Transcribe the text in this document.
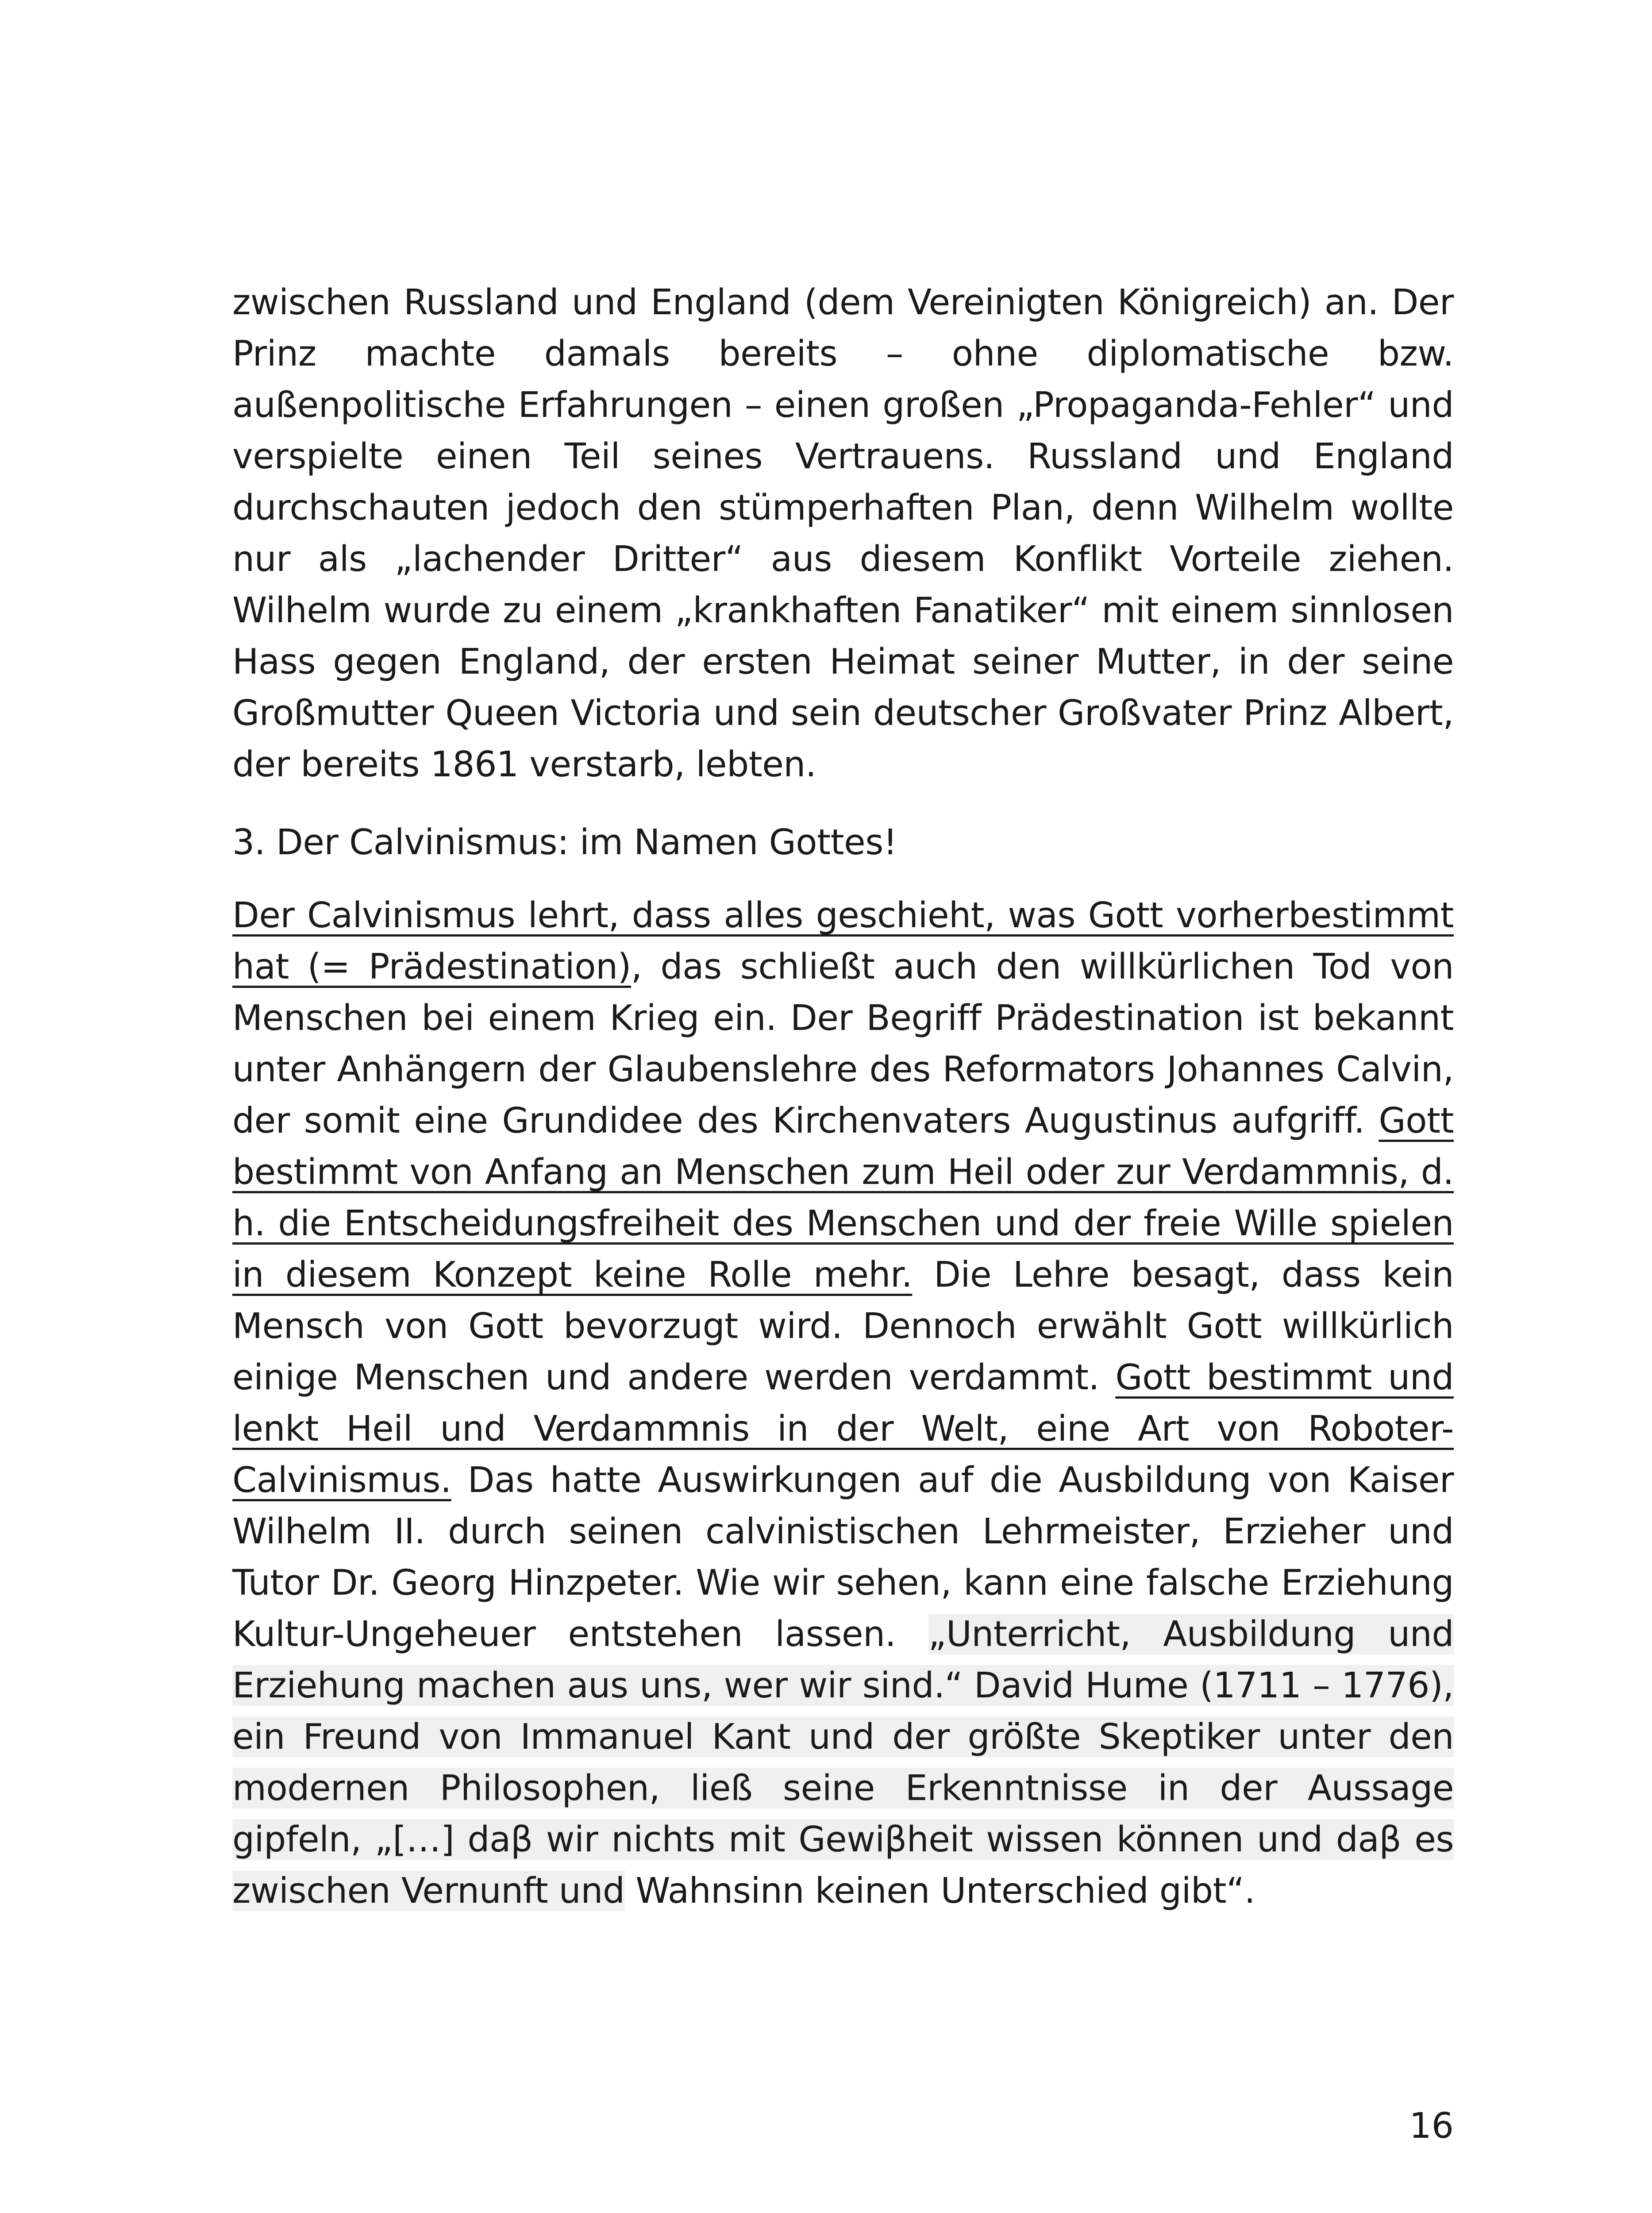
zwischen Russland und England (dem Vereinigten Königreich) an. Der Prinz machte damals bereits – ohne diplomatische bzw. außenpolitische Erfahrungen – einen großen „Propaganda-Fehler“ und verspielte einen Teil seines Vertrauens. Russland und England durchschauten jedoch den stümperhaften Plan, denn Wilhelm wollte nur als „lachender Dritter“ aus diesem Konflikt Vorteile ziehen. Wilhelm wurde zu einem „krankhaften Fanatiker“ mit einem sinnlosen Hass gegen England, der ersten Heimat seiner Mutter, in der seine Großmutter Queen Victoria und sein deutscher Großvater Prinz Albert, der bereits 1861 verstarb, lebten.

3. Der Calvinismus: im Namen Gottes!

Der Calvinismus lehrt, dass alles geschieht, was Gott vorherbestimmt hat (= Prädestination), das schließt auch den willkürlichen Tod von Menschen bei einem Krieg ein. Der Begriff Prädestination ist bekannt unter Anhängern der Glaubenslehre des Reformators Johannes Calvin, der somit eine Grundidee des Kirchenvaters Augustinus aufgriff. Gott bestimmt von Anfang an Menschen zum Heil oder zur Verdammnis, d. h. die Entscheidungsfreiheit des Menschen und der freie Wille spielen in diesem Konzept keine Rolle mehr. Die Lehre besagt, dass kein Mensch von Gott bevorzugt wird. Dennoch erwählt Gott willkürlich einige Menschen und andere werden verdammt. Gott bestimmt und lenkt Heil und Verdammnis in der Welt, eine Art von Roboter-Calvinismus. Das hatte Auswirkungen auf die Ausbildung von Kaiser Wilhelm II. durch seinen calvinistischen Lehrmeister, Erzieher und Tutor Dr. Georg Hinzpeter. Wie wir sehen, kann eine falsche Erziehung Kultur-Ungeheuer entstehen lassen. „Unterricht, Ausbildung und Erziehung machen aus uns, wer wir sind.“ David Hume (1711 – 1776), ein Freund von Immanuel Kant und der größte Skeptiker unter den modernen Philosophen, ließ seine Erkenntnisse in der Aussage gipfeln, „[…] daβ wir nichts mit Gewiβheit wissen können und daβ es zwischen Vernunft und Wahnsinn keinen Unterschied gibt“.

16
